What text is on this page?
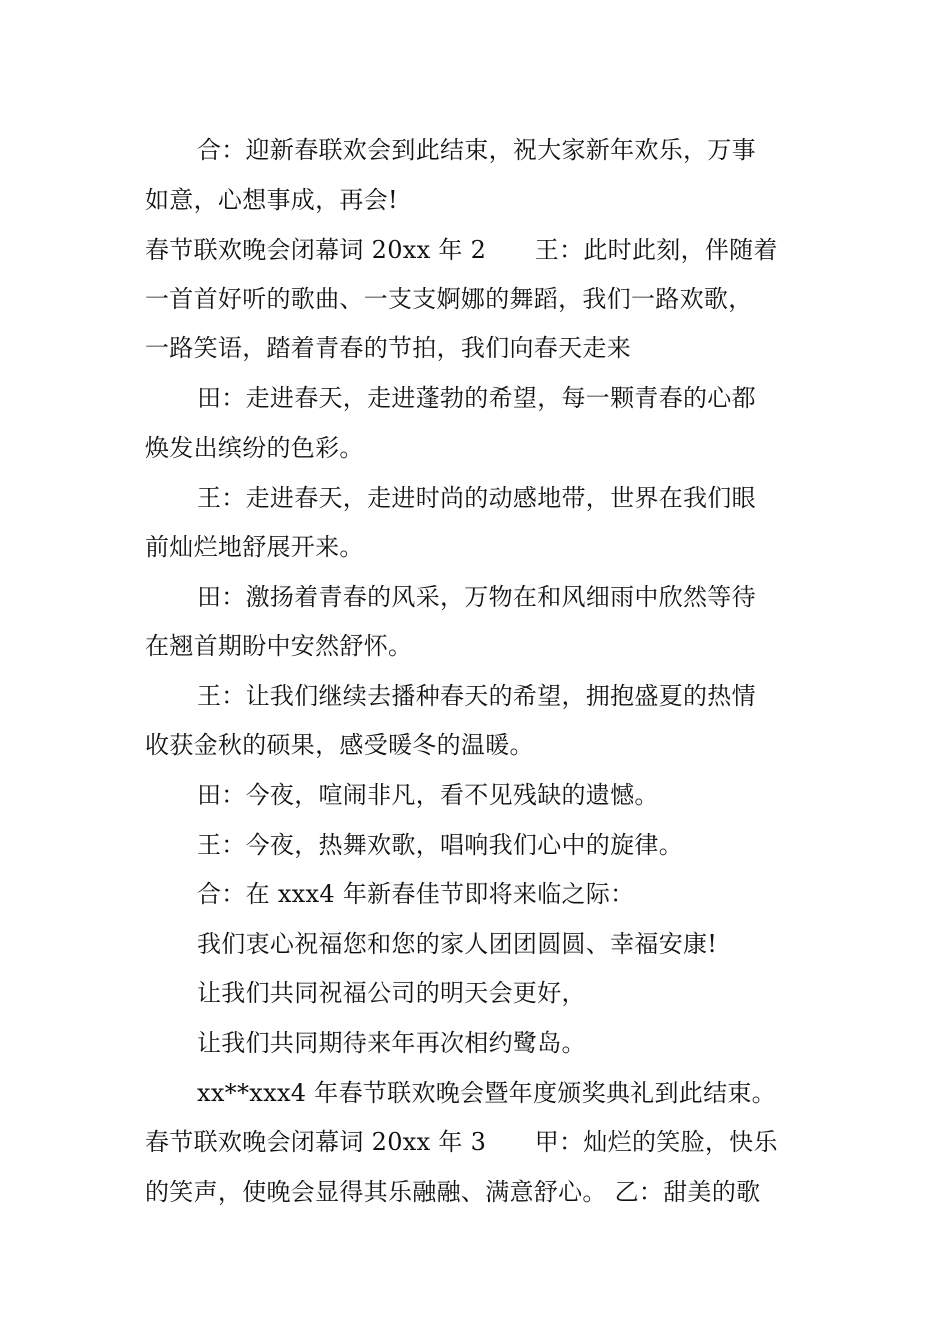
合：迎新春联欢会到此结束，祝大家新年欢乐，万事
如意，心想事成，再会!
春节联欢晚会闭幕词 20xx 年 2　　王：此时此刻，伴随着
一首首好听的歌曲、一支支婀娜的舞蹈，我们一路欢歌，
一路笑语，踏着青春的节拍，我们向春天走来
田：走进春天，走进蓬勃的希望，每一颗青春的心都
焕发出缤纷的色彩。
王：走进春天，走进时尚的动感地带，世界在我们眼
前灿烂地舒展开来。
田：激扬着青春的风采，万物在和风细雨中欣然等待
在翘首期盼中安然舒怀。
王：让我们继续去播种春天的希望，拥抱盛夏的热情
收获金秋的硕果，感受暖冬的温暖。
田：今夜，喧闹非凡，看不见残缺的遗憾。
王：今夜，热舞欢歌，唱响我们心中的旋律。
合：在 xxx4 年新春佳节即将来临之际：
我们衷心祝福您和您的家人团团圆圆、幸福安康!
让我们共同祝福公司的明天会更好，
让我们共同期待来年再次相约鹭岛。
xx**xxx4 年春节联欢晚会暨年度颁奖典礼到此结束。
春节联欢晚会闭幕词 20xx 年 3　　甲：灿烂的笑脸，快乐
的笑声，使晚会显得其乐融融、满意舒心。 乙：甜美的歌
